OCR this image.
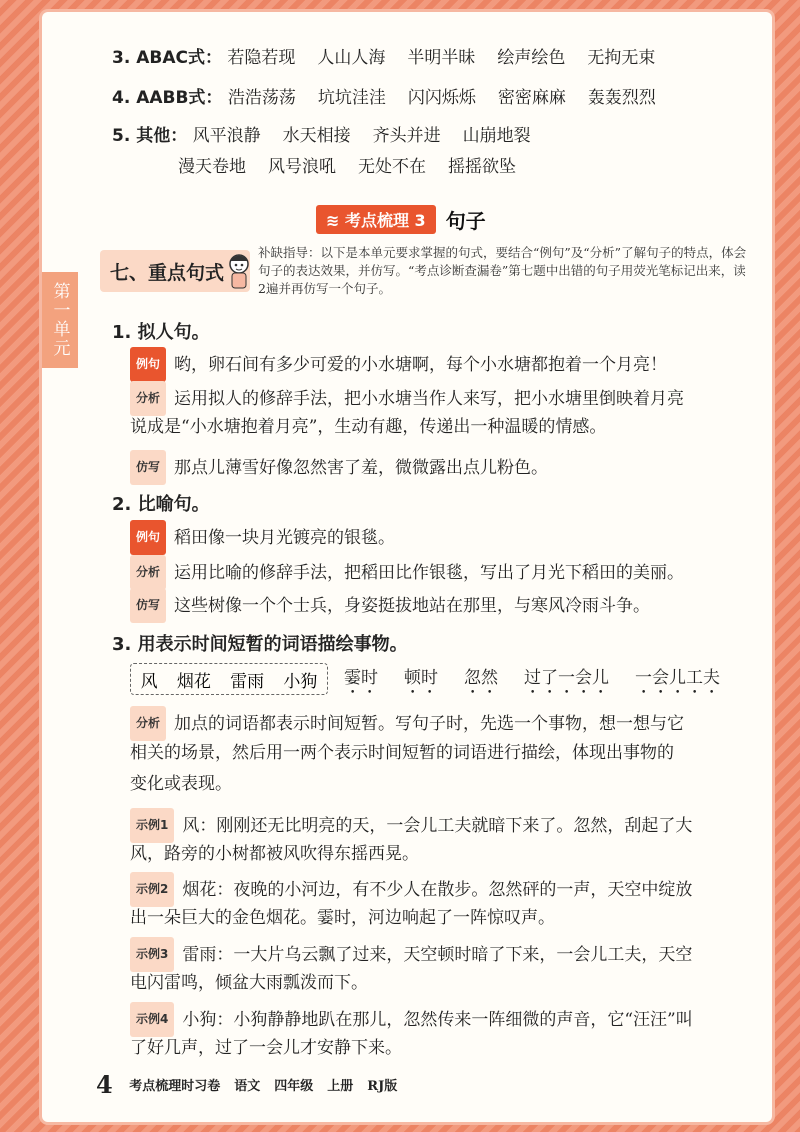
第一单元
3. ABAC式： 若隐若现 人山人海 半明半昧 绘声绘色 无拘无束
4. AABB式： 浩浩荡荡 坑坑洼洼 闪闪烁烁 密密麻麻 轰轰烈烈
5. 其他： 风平浪静 水天相接 齐头并进 山崩地裂
漫天卷地 风号浪吼 无处不在 摇摇欲坠
≋ 考点梳理 3	句子
七、重点句式
补缺指导：以下是本单元要求掌握的句式，要结合“例句”及“分析”了解句子的特点，体会句子的表达效果，并仿写。“考点诊断查漏卷”第七题中出错的句子用荧光笔标记出来，读2遍并再仿写一个句子。
1. 拟人句。
例句 哟，卵石间有多少可爱的小水塘啊，每个小水塘都抱着一个月亮！
分析 运用拟人的修辞手法，把小水塘当作人来写，把小水塘里倒映着月亮
说成是“小水塘抱着月亮”，生动有趣，传递出一种温暖的情感。
仿写 那点儿薄雪好像忽然害了羞，微微露出点儿粉色。
2. 比喻句。
例句 稻田像一块月光镀亮的银毯。
分析 运用比喻的修辞手法，把稻田比作银毯，写出了月光下稻田的美丽。
仿写 这些树像一个个士兵，身姿挺拔地站在那里，与寒风冷雨斗争。
3. 用表示时间短暂的词语描绘事物。
风 烟花 雷雨 小狗 霎时 顿时 忽然 过了一会儿 一会儿工夫
分析 加点的词语都表示时间短暂。写句子时，先选一个事物，想一想与它
相关的场景，然后用一两个表示时间短暂的词语进行描绘，体现出事物的
变化或表现。
示例1 风：刚刚还无比明亮的天，一会儿工夫就暗下来了。忽然，刮起了大
风，路旁的小树都被风吹得东摇西晃。
示例2 烟花：夜晚的小河边，有不少人在散步。忽然砰的一声，天空中绽放
出一朵巨大的金色烟花。霎时，河边响起了一阵惊叹声。
示例3 雷雨：一大片乌云飘了过来，天空顿时暗了下来，一会儿工夫，天空
电闪雷鸣，倾盆大雨瓢泼而下。
示例4 小狗：小狗静静地趴在那儿，忽然传来一阵细微的声音，它“汪汪”叫
了好几声，过了一会儿才安静下来。
4 考点梳理时习卷 语文 四年级 上册 RJ版
